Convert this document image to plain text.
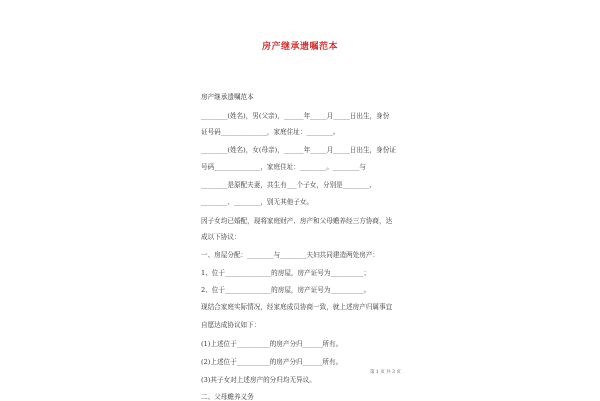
房产继承遗嘱范本
房产继承遗嘱范本
________(姓名)，男(父亲)，______年_____月_____日出生，身份
证号码______________，家庭住址：________。
________(姓名)，女(母亲)，______年_____月_____日出生，身份证
号码______________，家庭住址：________。________与
________是原配夫妻，共生有___个子女，分别是________、
________、________，别无其他子女。
因子女均已婚配，现将家庭财产、房产和父母赡养经三方协商，达
成以下协议：
一、房屋分配：________与________夫妇共同建造两处房产：
1、位于______________的房屋，房产证号为__________；
2、位于______________的房屋，房产证号为__________。
现结合家庭实际情况，经家庭成员协商一致，就上述房产归属事宜
自愿达成协议如下：
(1)上述位于__________的房产分归______所有。
(2)上述位于__________的房产分归______所有。
(3)其子女对上述房产的分归均无异议。
二、父母赡养义务
第 1 页 共 3 页
